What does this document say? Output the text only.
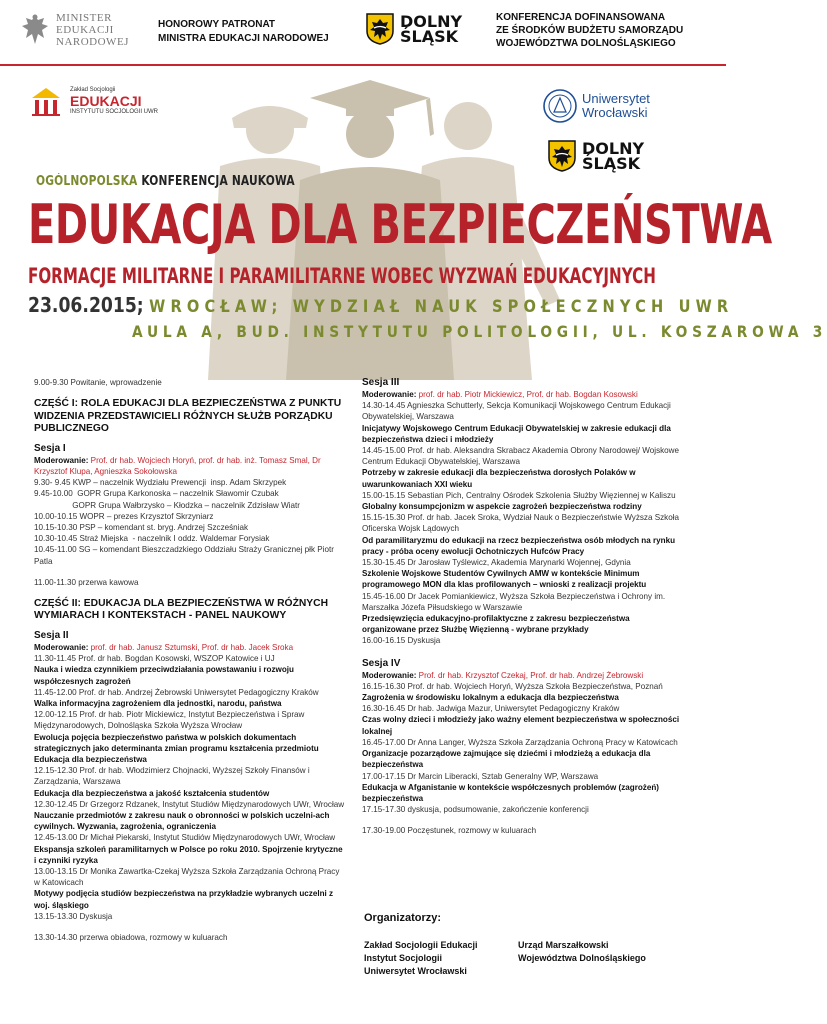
MINISTER
EDUKACJI
NARODOWEJ
HONOROWY PATRONAT
MINISTRA EDUKACJI NARODOWEJ
DOLNY
ŚLĄSK
KONFERENCJA DOFINANSOWANA
ZE ŚRODKÓW BUDŻETU SAMORZĄDU
WOJEWÓDZTWA DOLNOŚLĄSKIEGO
Zakład Socjologii
EDUKACJI
INSTYTUTU SOCJOLOGII UWR
Uniwersytet
Wrocławski
DOLNY
ŚLĄSK
OGÓLNOPOLSKA KONFERENCJA NAUKOWA
EDUKACJA DLA BEZPIECZEŃSTWA
FORMACJE MILITARNE I PARAMILITARNE WOBEC WYZWAŃ EDUKACYJNYCH
23.06.2015; WROCŁAW; WYDZIAŁ NAUK SPOŁECZNYCH UWR
AULA A, BUD. INSTYTUTU POLITOLOGII, UL. KOSZAROWA 3

9.00-9.30 Powitanie, wprowadzenie

CZĘŚĆ I: ROLA EDUKACJI DLA BEZPIECZEŃSTWA Z PUNKTU WIDZENIA PRZEDSTAWICIELI RÓŻNYCH SŁUŻB PORZĄDKU PUBLICZNEGO

Sesja I

Moderowanie: Prof. dr hab. Wojciech Horyń, prof. dr hab. inż. Tomasz Smal, Dr Krzysztof Klupa, Agnieszka Sokołowska

9.30- 9.45 KWP – naczelnik Wydziału Prewencji  insp. Adam Skrzypek

9.45-10.00  GOPR Grupa Karkonoska – naczelnik Sławomir Czubak

GOPR Grupa Wałbrzysko – Kłodzka – naczelnik Zdzisław Wiatr

10.00-10.15 WOPR – prezes Krzysztof Skrzyniarz

10.15-10.30 PSP – komendant st. bryg. Andrzej Szcześniak

10.30-10.45 Straż Miejska  - naczelnik I oddz. Waldemar Forysiak

10.45-11.00 SG – komendant Bieszczadzkiego Oddziału Straży Granicznej płk Piotr Patla

11.00-11.30 przerwa kawowa

CZĘŚĆ II: EDUKACJA DLA BEZPIECZEŃSTWA W RÓŻNYCH WYMIARACH I KONTEKSTACH - PANEL NAUKOWY

Sesja II

Moderowanie: prof. dr hab. Janusz Sztumski, Prof. dr hab. Jacek Sroka

11.30-11.45 Prof. dr hab. Bogdan Kosowski, WSZOP Katowice i UJ

Nauka i wiedza czynnikiem przeciwdziałania powstawaniu i rozwoju współczesnych zagrożeń

11.45-12.00 Prof. dr hab. Andrzej Żebrowski Uniwersytet Pedagogiczny Kraków

Walka informacyjna zagrożeniem dla jednostki, narodu, państwa

12.00-12.15 Prof. dr hab. Piotr Mickiewicz, Instytut Bezpieczeństwa i Spraw Międzynarodowych, Dolnośląska Szkoła Wyższa Wrocław

Ewolucja pojęcia bezpieczeństwo państwa w polskich dokumentach strategicznych jako determinanta zmian programu kształcenia przedmiotu Edukacja dla bezpieczeństwa

12.15-12.30 Prof. dr hab. Włodzimierz Chojnacki, Wyższej Szkoły Finansów i Zarządzania, Warszawa

Edukacja dla bezpieczeństwa a jakość kształcenia studentów

12.30-12.45 Dr Grzegorz Rdzanek, Instytut Studiów Międzynarodowych UWr, Wrocław

Nauczanie przedmiotów z zakresu nauk o obronności w polskich uczelni-ach cywilnych. Wyzwania, zagrożenia, ograniczenia

12.45-13.00 Dr Michał Piekarski, Instytut Studiów Międzynarodowych UWr, Wrocław

Ekspansja szkoleń paramilitarnych w Polsce po roku 2010. Spojrzenie krytyczne i czynniki ryzyka

13.00-13.15 Dr Monika Zawartka-Czekaj Wyższa Szkoła Zarządzania Ochroną Pracy w Katowicach

Motywy podjęcia studiów bezpieczeństwa na przykładzie wybranych uczelni z woj. śląskiego

13.15-13.30 Dyskusja

13.30-14.30 przerwa obiadowa, rozmowy w kuluarach

Sesja III

Moderowanie: prof. dr hab. Piotr Mickiewicz, Prof. dr hab. Bogdan Kosowski

14.30-14.45 Agnieszka Schutterly, Sekcja Komunikacji Wojskowego Centrum Edukacji Obywatelskiej, Warszawa

Inicjatywy Wojskowego Centrum Edukacji Obywatelskiej w zakresie edukacji dla bezpieczeństwa dzieci i młodzieży

14.45-15.00 Prof. dr hab. Aleksandra Skrabacz Akademia Obrony Narodowej/ Wojskowe Centrum Edukacji Obywatelskiej, Warszawa

Potrzeby w zakresie edukacji dla bezpieczeństwa dorosłych Polaków w uwarunkowaniach XXI wieku

15.00-15.15 Sebastian Pich, Centralny Ośrodek Szkolenia Służby Więziennej w Kaliszu

Globalny konsumpcjonizm w aspekcie zagrożeń bezpieczeństwa rodziny

15.15-15.30 Prof. dr hab. Jacek Sroka, Wydział Nauk o Bezpieczeństwie Wyższa Szkoła Oficerska Wojsk Lądowych

Od paramilitaryzmu do edukacji na rzecz bezpieczeństwa osób młodych na rynku pracy - próba oceny ewolucji Ochotniczych Hufców Pracy

15.30-15.45 Dr Jarosław Tyślewicz, Akademia Marynarki Wojennej, Gdynia

Szkolenie Wojskowe Studentów Cywilnych AMW w kontekście Minimum programowego MON dla klas profilowanych – wnioski z realizacji projektu

15.45-16.00 Dr Jacek Pomiankiewicz, Wyższa Szkoła Bezpieczeństwa i Ochrony im. Marszałka Józefa Piłsudskiego w Warszawie

Przedsięwzięcia edukacyjno-profilaktyczne z zakresu bezpieczeństwa organizowane przez Służbę Więzienną - wybrane przykłady

16.00-16.15 Dyskusja

Sesja IV

Moderowanie: Prof. dr hab. Krzysztof Czekaj, Prof. dr hab. Andrzej Żebrowski

16.15-16.30 Prof. dr hab. Wojciech Horyń, Wyższa Szkoła Bezpieczeństwa, Poznań

Zagrożenia w środowisku lokalnym a edukacja dla bezpieczeństwa

16.30-16.45 Dr hab. Jadwiga Mazur, Uniwersytet Pedagogiczny Kraków

Czas wolny dzieci i młodzieży jako ważny element bezpieczeństwa w społeczności lokalnej

16.45-17.00 Dr Anna Langer, Wyższa Szkoła Zarządzania Ochroną Pracy w Katowicach

Organizacje pozarządowe zajmujące się dziećmi i młodzieżą a edukacja dla bezpieczeństwa

17.00-17.15 Dr Marcin Liberacki, Sztab Generalny WP, Warszawa

Edukacja w Afganistanie w kontekście współczesnych problemów (zagrożeń) bezpieczeństwa

17.15-17.30 dyskusja, podsumowanie, zakończenie konferencji

17.30-19.00 Poczęstunek, rozmowy w kuluarach

Organizatorzy:
Zakład Socjologii Edukacji
Instytut Socjologii
Uniwersytet Wrocławski
Urząd Marszałkowski
Województwa Dolnośląskiego
